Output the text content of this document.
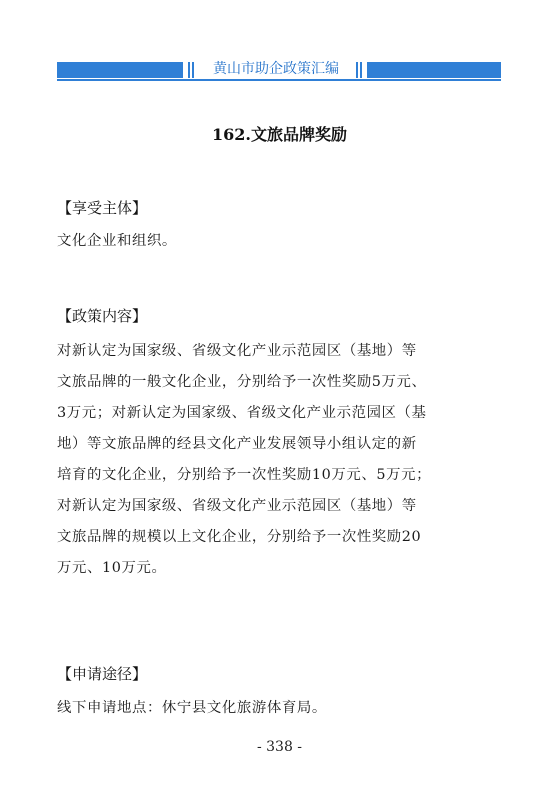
黄山市助企政策汇编
162.文旅品牌奖励
【享受主体】
文化企业和组织。
【政策内容】
对新认定为国家级、省级文化产业示范园区（基地）等
文旅品牌的一般文化企业，分别给予一次性奖励5万元、
3万元；对新认定为国家级、省级文化产业示范园区（基
地）等文旅品牌的经县文化产业发展领导小组认定的新
培育的文化企业，分别给予一次性奖励10万元、5万元；
对新认定为国家级、省级文化产业示范园区（基地）等
文旅品牌的规模以上文化企业，分别给予一次性奖励20
万元、10万元。
【申请途径】
线下申请地点：休宁县文化旅游体育局。
- 338 -
